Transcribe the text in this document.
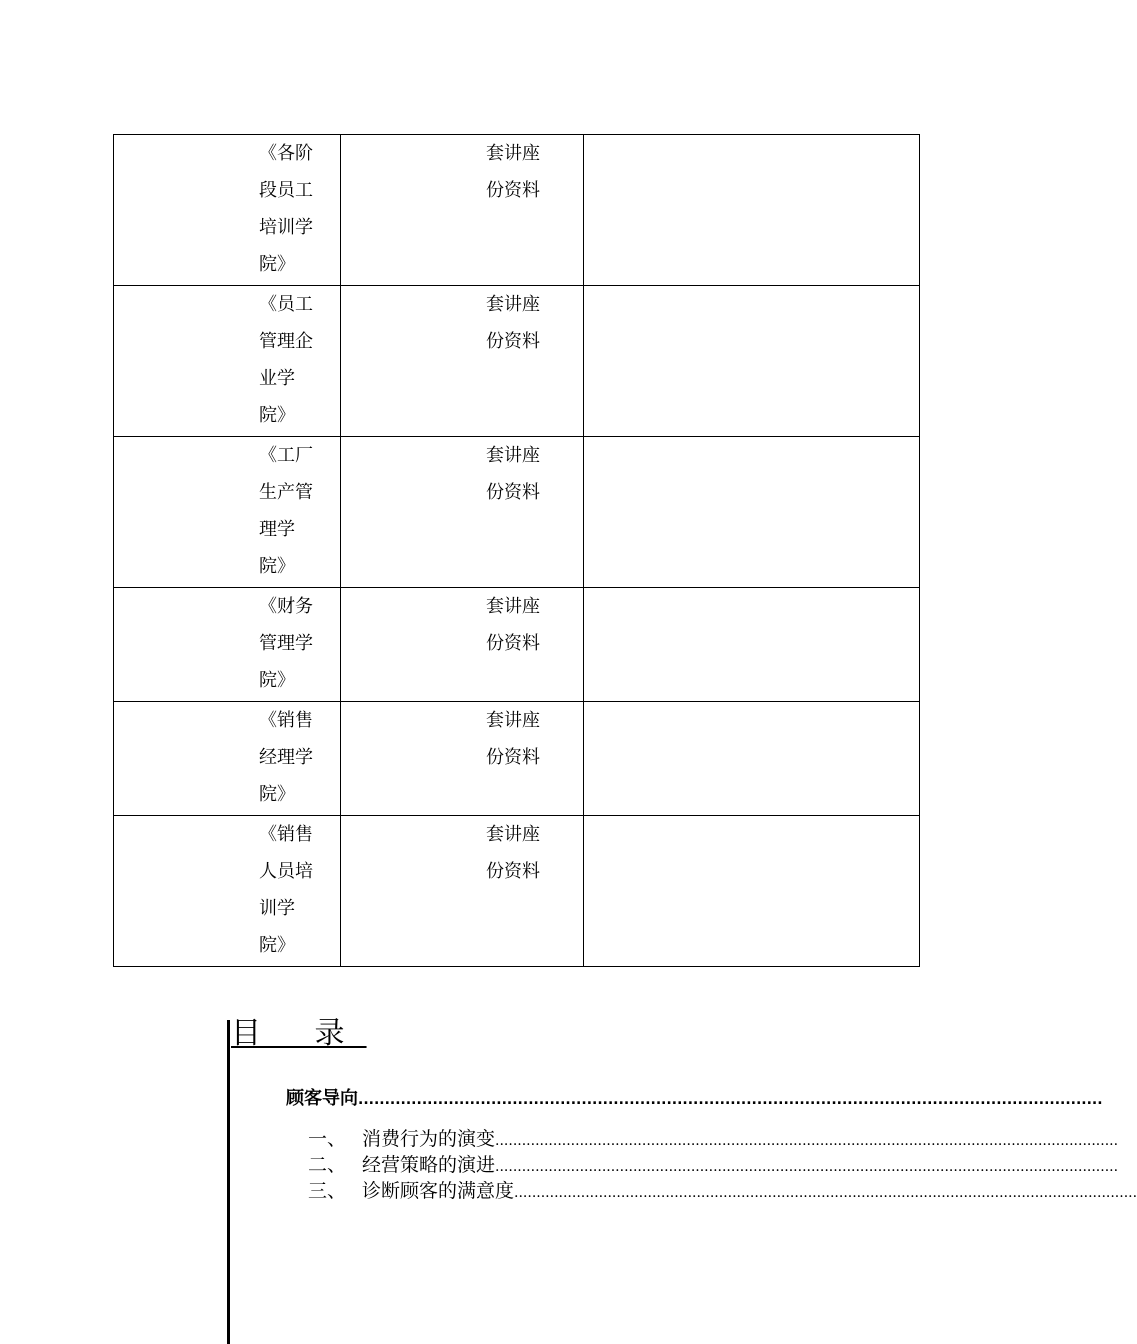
《各阶段员工培训学院》	套讲座份资料	

《员工管理企业学院》	套讲座份资料	

《工厂生产管理学院》	套讲座份资料	

《财务管理学院》	套讲座份资料	

《销售经理学院》	套讲座份资料	

《销售人员培训学院》	套讲座份资料	

目 录
顾客导向 ............................................................................................................................................
一、 消费行为的演变 ............................................................................................................................................
二、 经营策略的演进 ............................................................................................................................................
三、 诊断顾客的满意度 ............................................................................................................................................
